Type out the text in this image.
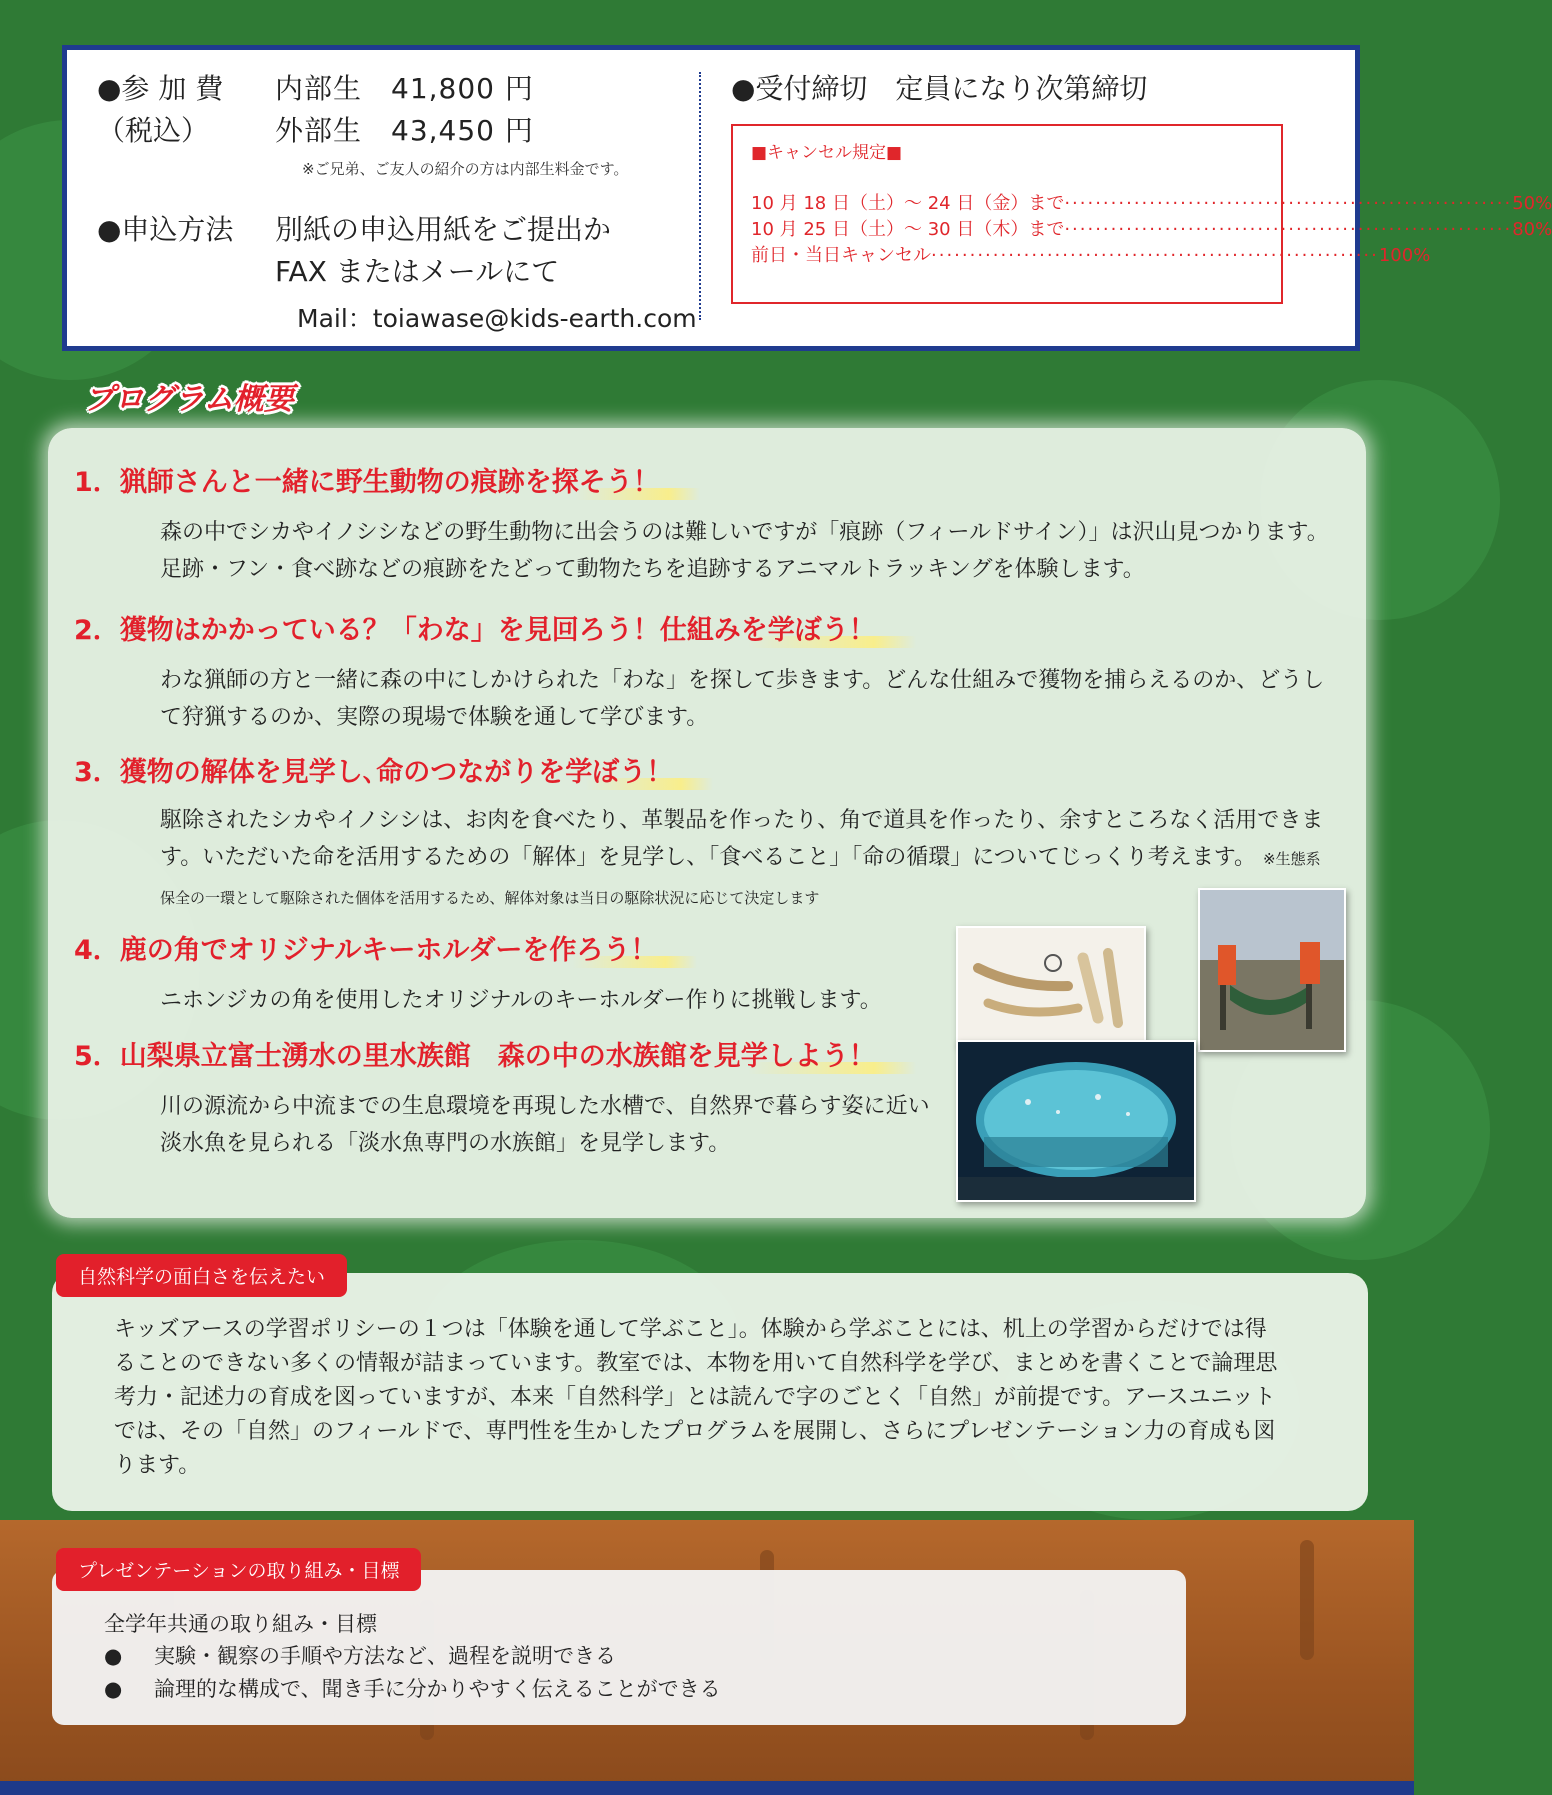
●参 加 費	内部生　41,800 円
（税込）	外部生　43,450 円
※ご兄弟、ご友人の紹介の方は内部生料金です。
●申込方法 別紙の申込用紙をご提出か
FAX またはメールにて
Mail：toiawase@kids-earth.com
●受付締切　定員になり次第締切
■キャンセル規定■
10 月 18 日（土）～ 24 日（金）まで ·························································· 50%
10 月 25 日（土）～ 30 日（木）まで ·························································· 80%
前日・当日キャンセル ·························································· 100%
プログラム概要
1．猟師さんと一緒に野生動物の痕跡を探そう！

森の中でシカやイノシシなどの野生動物に出会うのは難しいですが「痕跡（フィールドサイン）」は沢山見つかります。足跡・フン・食べ跡などの痕跡をたどって動物たちを追跡するアニマルトラッキングを体験します。

2．獲物はかかっている？「わな」を見回ろう！仕組みを学ぼう！

わな猟師の方と一緒に森の中にしかけられた「わな」を探して歩きます。どんな仕組みで獲物を捕らえるのか、どうして狩猟するのか、実際の現場で体験を通して学びます。

3．獲物の解体を見学し､命のつながりを学ぼう！

駆除されたシカやイノシシは、お肉を食べたり、革製品を作ったり、角で道具を作ったり、余すところなく活用できます。いただいた命を活用するための「解体」を見学し、「食べること」「命の循環」についてじっくり考えます。 ※生態系保全の一環として駆除された個体を活用するため、解体対象は当日の駆除状況に応じて決定します

4．鹿の角でオリジナルキーホルダーを作ろう！

ニホンジカの角を使用したオリジナルのキーホルダー作りに挑戦します。

5．山梨県立富士湧水の里水族館　森の中の水族館を見学しよう！

川の源流から中流までの生息環境を再現した水槽で、自然界で暮らす姿に近い淡水魚を見られる「淡水魚専門の水族館」を見学します。

キッズアースの学習ポリシーの１つは「体験を通して学ぶこと」。体験から学ぶことには、机上の学習からだけでは得ることのできない多くの情報が詰まっています。教室では、本物を用いて自然科学を学び、まとめを書くことで論理思考力・記述力の育成を図っていますが、本来「自然科学」とは読んで字のごとく「自然」が前提です。アースユニットでは、その「自然」のフィールドで、専門性を生かしたプログラムを展開し、さらにプレゼンテーション力の育成も図ります。

自然科学の面白さを伝えたい
全学年共通の取り組み・目標
●	実験・観察の手順や方法など、過程を説明できる
●	論理的な構成で、聞き手に分かりやすく伝えることができる
プレゼンテーションの取り組み・目標
